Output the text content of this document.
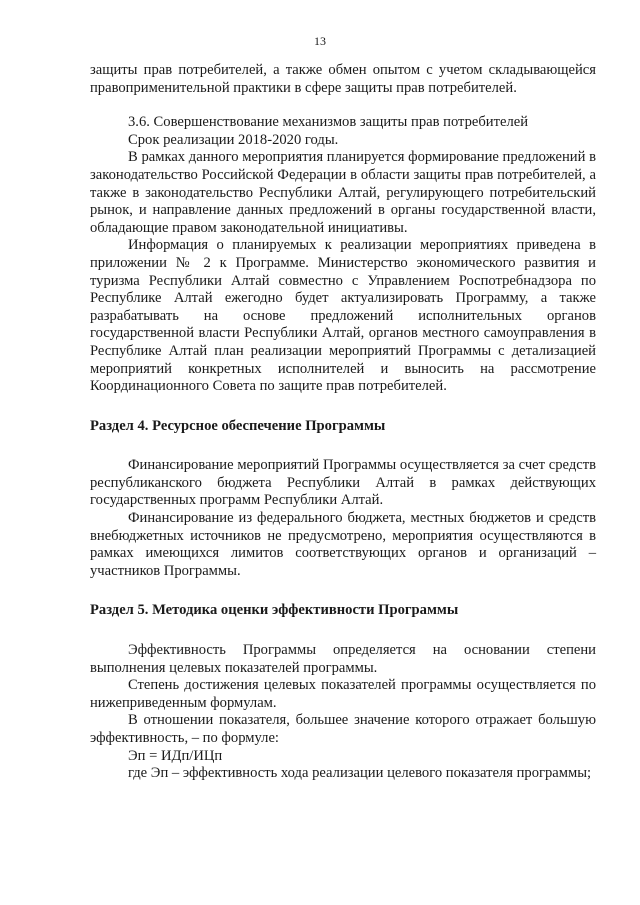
13

защиты прав потребителей, а также обмен опытом с учетом складывающейся правоприменительной практики в сфере защиты прав потребителей.

3.6. Совершенствование механизмов защиты прав потребителей

Срок реализации 2018-2020 годы.

В рамках данного мероприятия планируется формирование предложений в законодательство Российской Федерации в области защиты прав потребителей, а также в законодательство Республики Алтай, регулирующего потребительский рынок, и направление данных предложений в органы государственной власти, обладающие правом законодательной инициативы.

Информация о планируемых к реализации мероприятиях приведена в приложении № 2 к Программе. Министерство экономического развития и туризма Республики Алтай совместно с Управлением Роспотребнадзора по Республике Алтай ежегодно будет актуализировать Программу, а также разрабатывать на основе предложений исполнительных органов государственной власти Республики Алтай, органов местного самоуправления в Республике Алтай план реализации мероприятий Программы с детализацией мероприятий конкретных исполнителей и выносить на рассмотрение Координационного Совета по защите прав потребителей.

Раздел 4. Ресурсное обеспечение Программы

Финансирование мероприятий Программы осуществляется за счет средств республиканского бюджета Республики Алтай в рамках действующих государственных программ Республики Алтай.

Финансирование из федерального бюджета, местных бюджетов и средств внебюджетных источников не предусмотрено, мероприятия осуществляются в рамках имеющихся лимитов соответствующих органов и организаций – участников Программы.

Раздел 5. Методика оценки эффективности Программы

Эффективность Программы определяется на основании степени выполнения целевых показателей программы.

Степень достижения целевых показателей программы осуществляется по нижеприведенным формулам.

В отношении показателя, большее значение которого отражает большую эффективность, – по формуле:

Эп = ИДп/ИЦп

где Эп – эффективность хода реализации целевого показателя программы;
